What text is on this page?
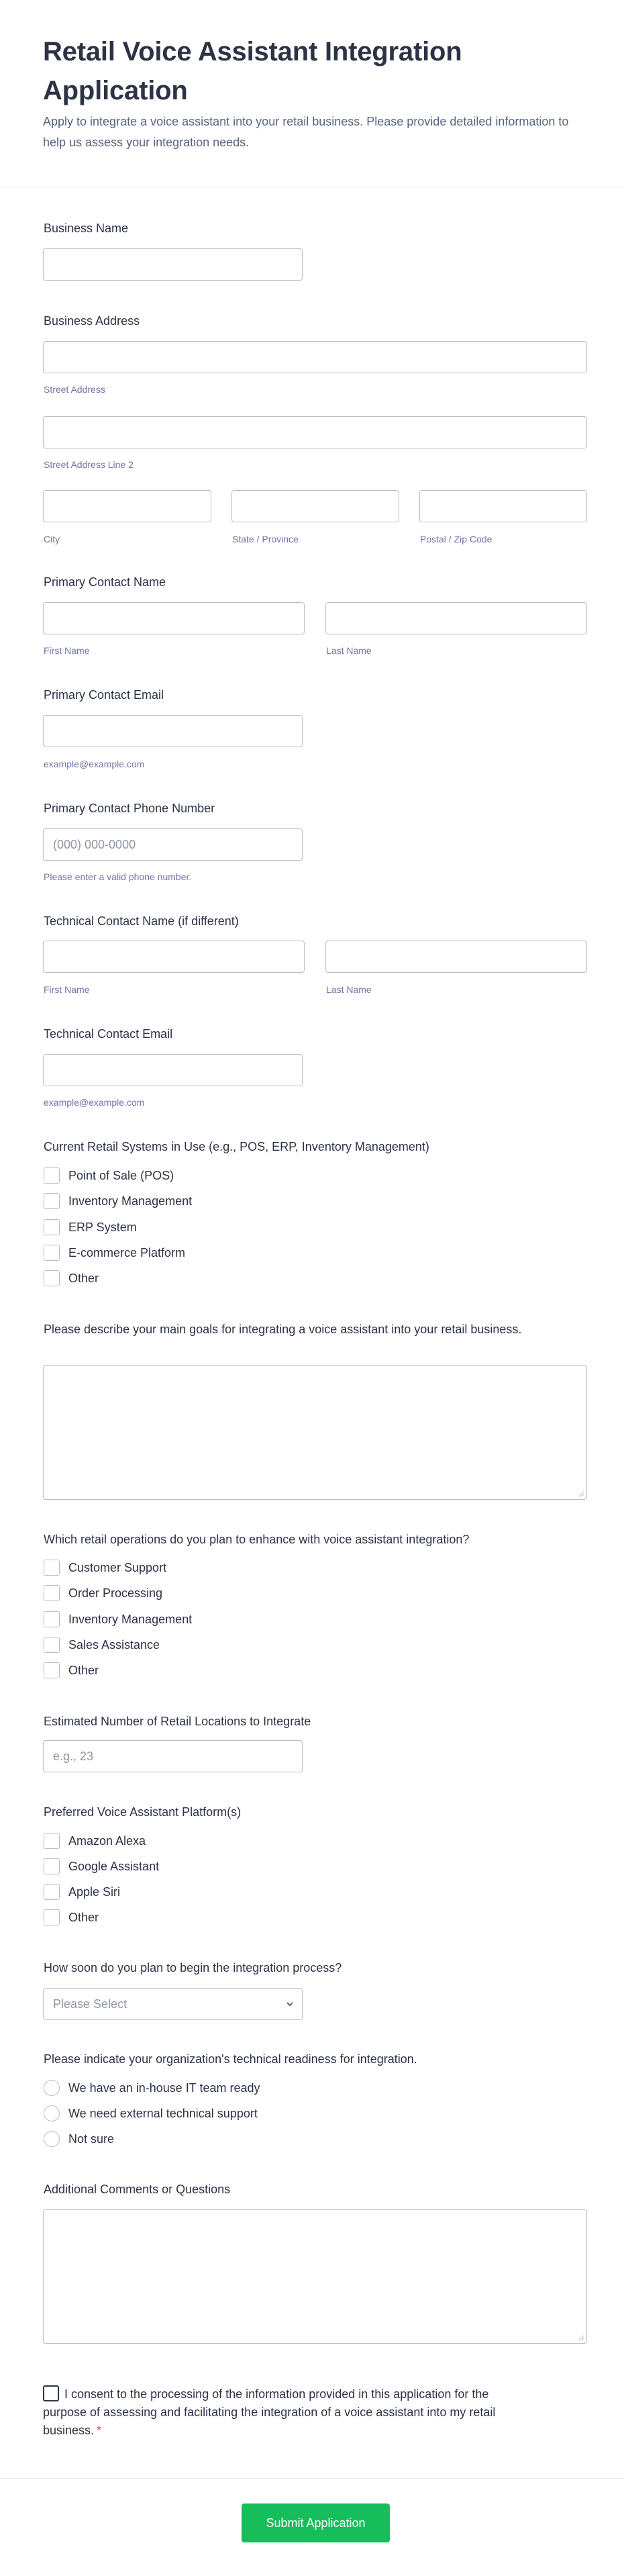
Retail Voice Assistant Integration Application

Apply to integrate a voice assistant into your retail business. Please provide detailed information to help us assess your integration needs.

Business Name
Business Address
Street Address
Street Address Line 2
City	State / Province	Postal / Zip Code
Primary Contact Name
First Name	Last Name
Primary Contact Email
example@example.com
Primary Contact Phone Number
(000) 000-0000
Please enter a valid phone number.
Technical Contact Name (if different)
First Name	Last Name
Technical Contact Email
example@example.com
Current Retail Systems in Use (e.g., POS, ERP, Inventory Management)
Point of Sale (POS)
Inventory Management
ERP System
E-commerce Platform
Other
Please describe your main goals for integrating a voice assistant into your retail business.
Which retail operations do you plan to enhance with voice assistant integration?
Customer Support
Order Processing
Inventory Management
Sales Assistance
Other
Estimated Number of Retail Locations to Integrate
e.g., 23
Preferred Voice Assistant Platform(s)
Amazon Alexa
Google Assistant
Apple Siri
Other
How soon do you plan to begin the integration process?
Please Select
Please indicate your organization's technical readiness for integration.
We have an in-house IT team ready
We need external technical support
Not sure
Additional Comments or Questions
I consent to the processing of the information provided in this application for the purpose of assessing and facilitating the integration of a voice assistant into my retail business. *
Submit Application
